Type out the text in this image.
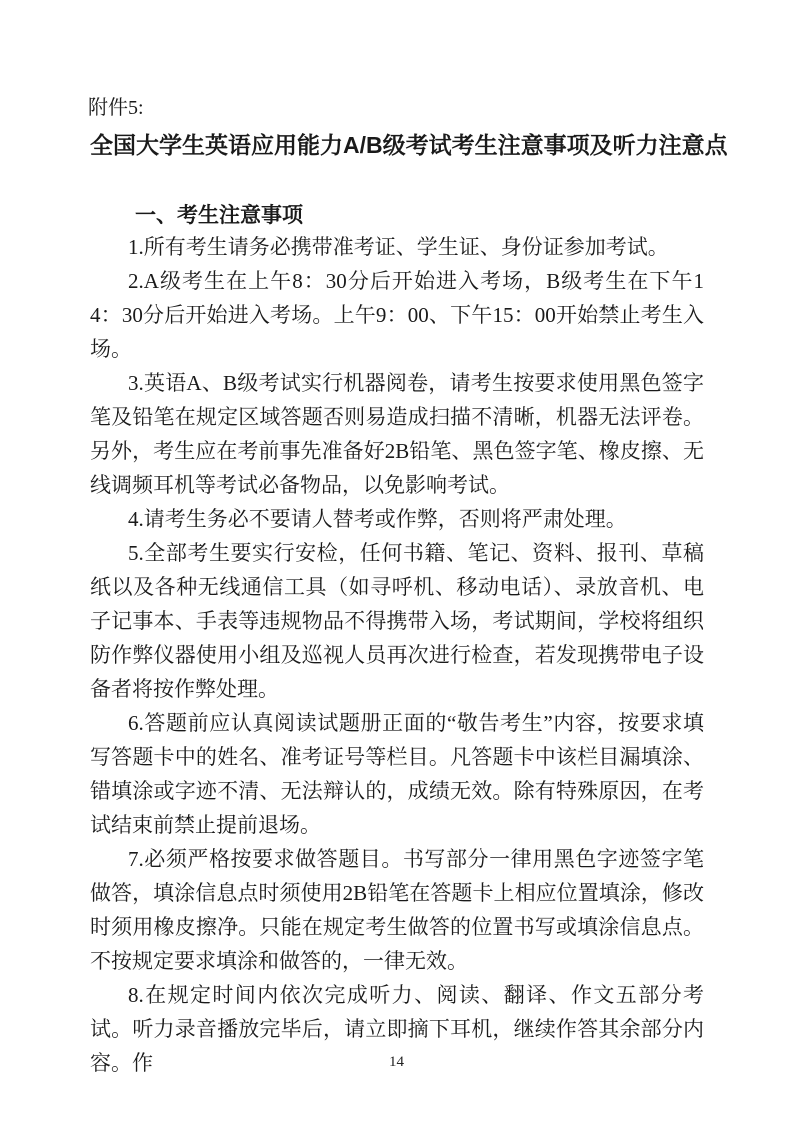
附件5:
全国大学生英语应用能力A/B级考试考生注意事项及听力注意点
一、考生注意事项

1.所有考生请务必携带准考证、学生证、身份证参加考试。

2.A级考生在上午8：30分后开始进入考场，B级考生在下午14：30分后开始进入考场。上午9：00、下午15：00开始禁止考生入场。

3.英语A、B级考试实行机器阅卷，请考生按要求使用黑色签字笔及铅笔在规定区域答题否则易造成扫描不清晰，机器无法评卷。另外，考生应在考前事先准备好2B铅笔、黑色签字笔、橡皮擦、无线调频耳机等考试必备物品，以免影响考试。

4.请考生务必不要请人替考或作弊，否则将严肃处理。

5.全部考生要实行安检，任何书籍、笔记、资料、报刊、草稿纸以及各种无线通信工具（如寻呼机、移动电话）、录放音机、电子记事本、手表等违规物品不得携带入场，考试期间，学校将组织防作弊仪器使用小组及巡视人员再次进行检查，若发现携带电子设备者将按作弊处理。

6.答题前应认真阅读试题册正面的“敬告考生”内容，按要求填写答题卡中的姓名、准考证号等栏目。凡答题卡中该栏目漏填涂、错填涂或字迹不清、无法辩认的，成绩无效。除有特殊原因，在考试结束前禁止提前退场。

7.必须严格按要求做答题目。书写部分一律用黑色字迹签字笔做答，填涂信息点时须使用2B铅笔在答题卡上相应位置填涂，修改时须用橡皮擦净。只能在规定考生做答的位置书写或填涂信息点。不按规定要求填涂和做答的，一律无效。

8.在规定时间内依次完成听力、阅读、翻译、作文五部分考试。听力录音播放完毕后，请立即摘下耳机，继续作答其余部分内容。作	14
